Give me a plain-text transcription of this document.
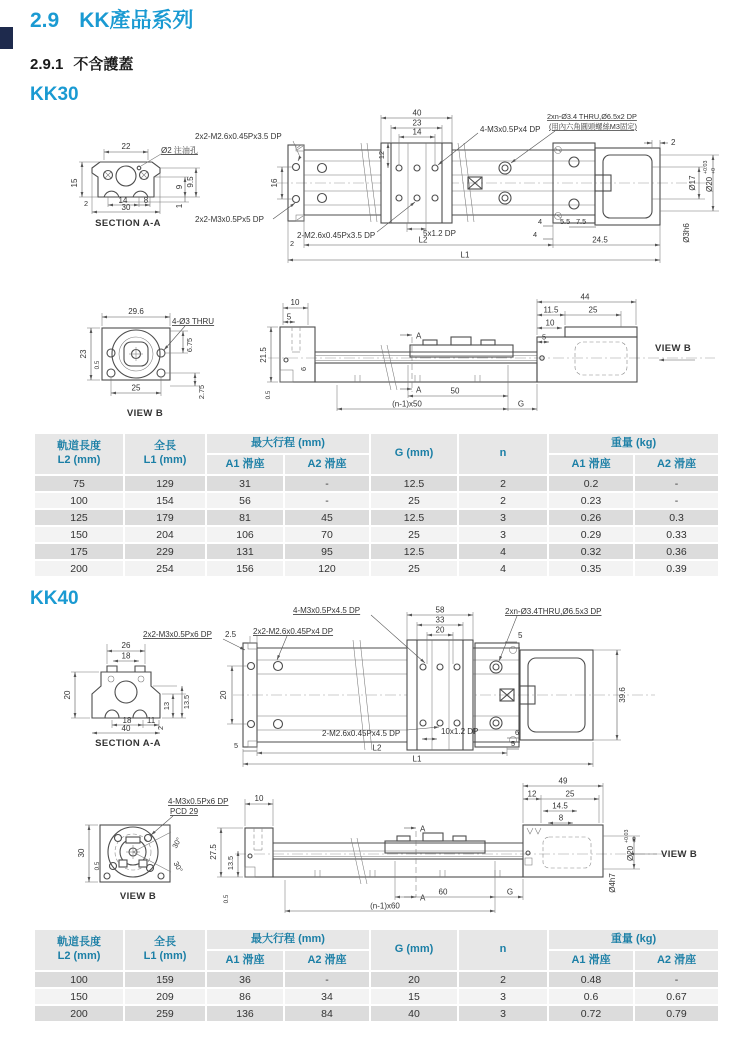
2.9 KK產品系列
2.9.1 不含護蓋
KK30
22	Ø2 注油孔
15
2	14 8
30
9 9.5
1
SECTION A-A
40
23
14
12
16
2x2-M2.6x0.45Px3.5 DP
4-M3x0.5Px4 DP
2xn-Ø3.4 THRU,Ø6.5x2 DP
(用內六角圓頭螺絲M3固定)
2x2-M3x0.5Px5 DP
2-M2.6x0.45Px3.5 DP	5x1.2 DP
2
Ø17 Ø20
+0.03 +0
Ø3h6
4
4
5.5 7.5
L2	24.5
L1
2
29.6
4-Ø3 THRU
23
0.5
25
6.75
2.75
VIEW B
A
A
10
5
21.5
6
0.5
44
11.5	25
10
5
50
(n-1)x50	G
VIEW B
軌道長度
L2 (mm)	全長
L1 (mm)	最大行程 (mm)		G (mm)	n	重量 (kg)	
		A1 滑座	A2 滑座			A1 滑座	A2 滑座
75	129	31	-	12.5	2	0.2	-
100	154	56	-	25	2	0.23	-
125	179	81	45	12.5	3	0.26	0.3
150	204	106	70	25	3	0.29	0.33
175	229	131	95	12.5	4	0.32	0.36
200	254	156	120	25	4	0.35	0.39
KK40
26
18
20
13 13.5
18 11
2
40
SECTION A-A
58
33
20
20
4-M3x0.5Px4.5 DP
2x2-M3x0.5Px6 DP 2.5 2x2-M2.6x0.45Px4 DP
2xn-Ø3.4THRU,Ø6.5x3 DP
5
39.6
2-M2.6x0.45Px4.5 DP	10x1.2 DP	6
5	5
L2
L1
30°
30°
30
0.5
4-M3x0.5Px6 DP
PCD 29
VIEW B
A
A
10
27.5
13.5
0.5
49
12	25
14.5
8
Ø20
+0.03 +0
Ø4h7
VIEW B
60	G
(n-1)x60
軌道長度
L2 (mm)	全長
L1 (mm)	最大行程 (mm)		G (mm)	n	重量 (kg)	
		A1 滑座	A2 滑座			A1 滑座	A2 滑座
100	159	36	-	20	2	0.48	-
150	209	86	34	15	3	0.6	0.67
200	259	136	84	40	3	0.72	0.79
